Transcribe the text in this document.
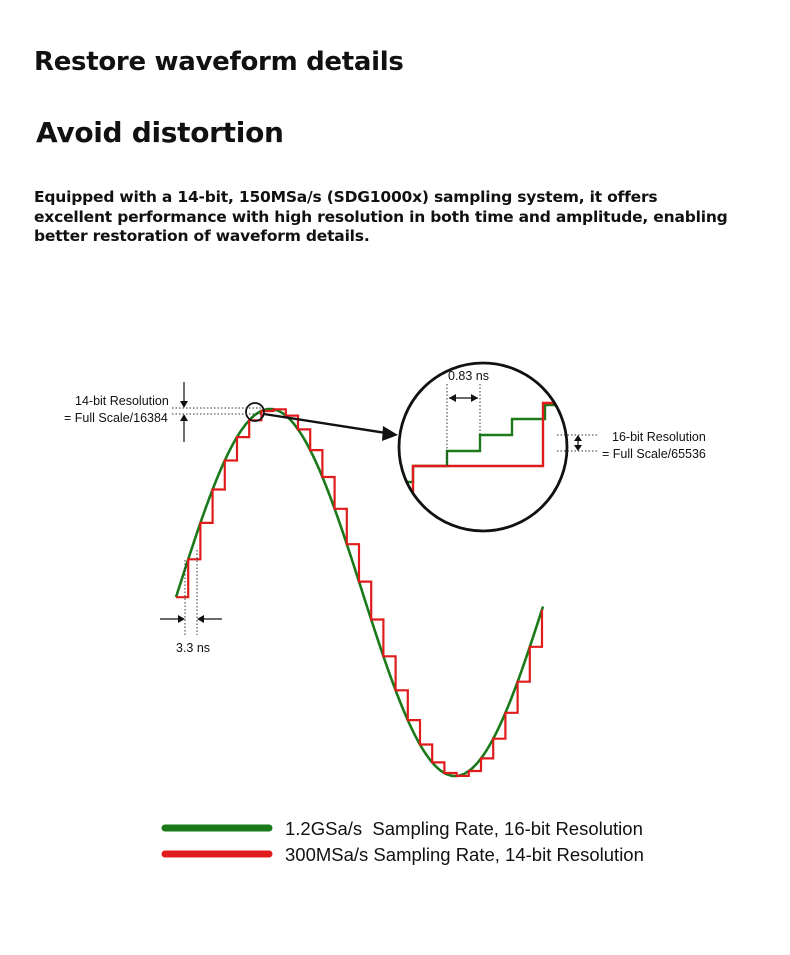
Restore waveform details
Avoid distortion

Equipped with a 14-bit, 150MSa/s (SDG1000x) sampling system, it offers excellent performance with high resolution in both time and amplitude, enabling better restoration of waveform details.

0.83 ns
16-bit Resolution
= Full Scale/65536
14-bit Resolution
= Full Scale/16384
3.3 ns
1.2GSa/s  Sampling Rate, 16-bit Resolution
300MSa/s Sampling Rate, 14-bit Resolution
